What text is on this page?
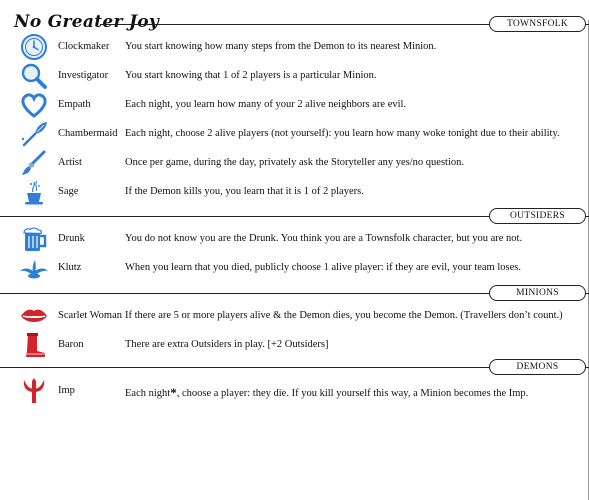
No Greater Joy	TOWNSFOLK
Clockmaker You start knowing how many steps from the Demon to its nearest Minion.
Investigator You start knowing that 1 of 2 players is a particular Minion.
Empath	Each night, you learn how many of your 2 alive neighbors are evil.
Chambermaid Each night, choose 2 alive players (not yourself): you learn how many woke tonight due to their ability.
Artist	Once per game, during the day, privately ask the Storyteller any yes/no question.
Sage	If the Demon kills you, you learn that it is 1 of 2 players.
OUTSIDERS
Drunk	You do not know you are the Drunk. You think you are a Townsfolk character, but you are not.
Klutz	When you learn that you died, publicly choose 1 alive player: if they are evil, your team loses.
MINIONS
Scarlet Woman If there are 5 or more players alive & the Demon dies, you become the Demon. (Travellers don’t count.)
Baron	There are extra Outsiders in play. [+2 Outsiders]
DEMONS
Imp	Each night*, choose a player: they die. If you kill yourself this way, a Minion becomes the Imp.
